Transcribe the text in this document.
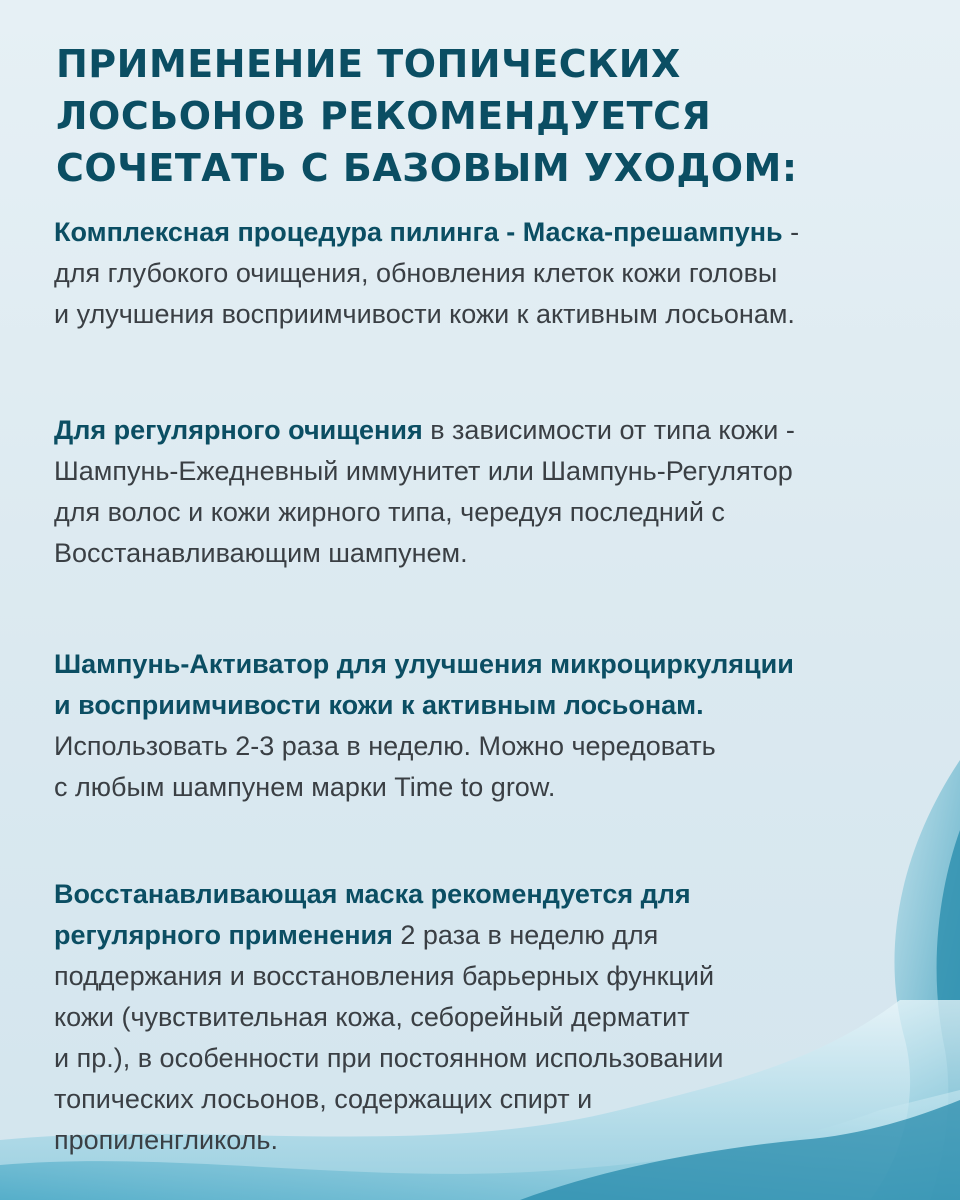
ПРИМЕНЕНИЕ ТОПИЧЕСКИХ
ЛОСЬОНОВ РЕКОМЕНДУЕТСЯ
СОЧЕТАТЬ С БАЗОВЫМ УХОДОМ:

Комплексная процедура пилинга - Маска-прешампунь -
для глубокого очищения, обновления клеток кожи головы
и улучшения восприимчивости кожи к активным лосьонам.

Для регулярного очищения в зависимости от типа кожи -
Шампунь-Ежедневный иммунитет или Шампунь-Регулятор
для волос и кожи жирного типа, чередуя последний с
Восстанавливающим шампунем.

Шампунь-Активатор для улучшения микроциркуляции
и восприимчивости кожи к активным лосьонам.
Использовать 2-3 раза в неделю. Можно чередовать
с любым шампунем марки Time to grow.

Восстанавливающая маска рекомендуется для
регулярного применения 2 раза в неделю для
поддержания и восстановления барьерных функций
кожи (чувствительная кожа, себорейный дерматит
и пр.), в особенности при постоянном использовании
топических лосьонов, содержащих спирт и
пропиленгликоль.
